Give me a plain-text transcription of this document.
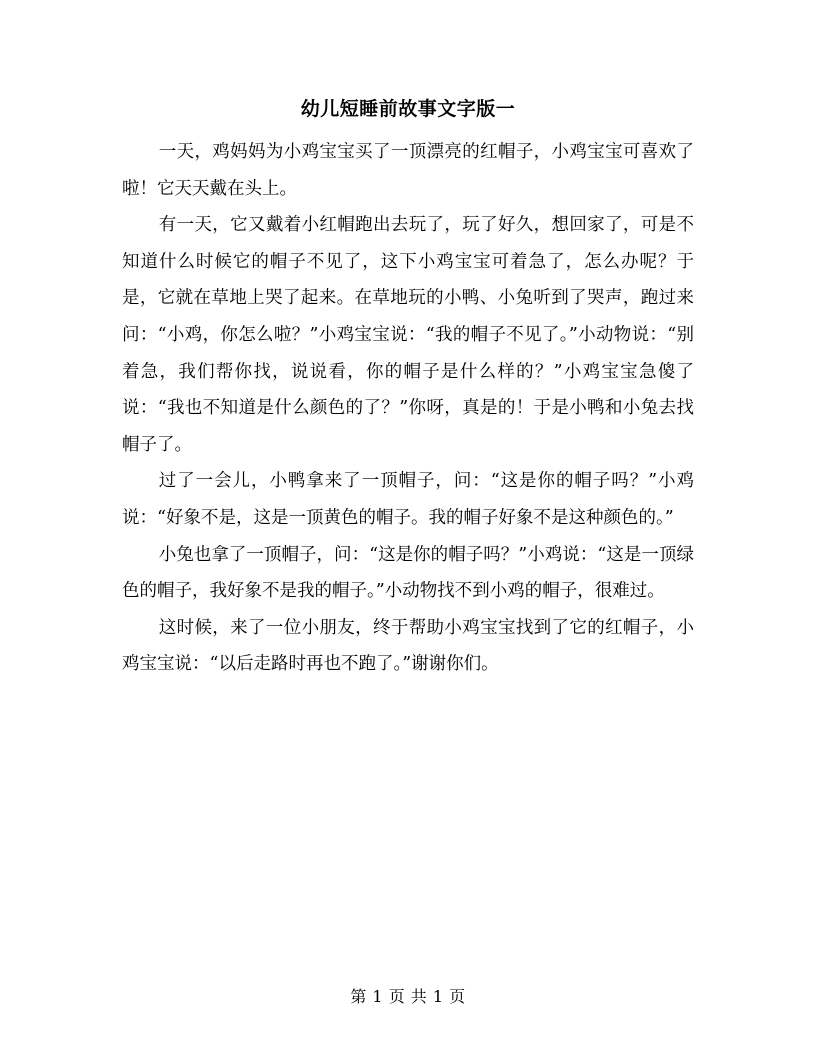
幼儿短睡前故事文字版一

一天，鸡妈妈为小鸡宝宝买了一顶漂亮的红帽子，小鸡宝宝可喜欢了啦！它天天戴在头上。

有一天，它又戴着小红帽跑出去玩了，玩了好久，想回家了，可是不知道什么时候它的帽子不见了，这下小鸡宝宝可着急了，怎么办呢？于是，它就在草地上哭了起来。在草地玩的小鸭、小兔听到了哭声，跑过来问：“小鸡，你怎么啦？”小鸡宝宝说：“我的帽子不见了。”小动物说：“别着急，我们帮你找，说说看，你的帽子是什么样的？”小鸡宝宝急傻了说：“我也不知道是什么颜色的了？”你呀，真是的！于是小鸭和小兔去找帽子了。

过了一会儿，小鸭拿来了一顶帽子，问：“这是你的帽子吗？”小鸡说：“好象不是，这是一顶黄色的帽子。我的帽子好象不是这种颜色的。”

小兔也拿了一顶帽子，问：“这是你的帽子吗？”小鸡说：“这是一顶绿色的帽子，我好象不是我的帽子。”小动物找不到小鸡的帽子，很难过。

这时候，来了一位小朋友，终于帮助小鸡宝宝找到了它的红帽子，小鸡宝宝说：“以后走路时再也不跑了。”谢谢你们。

第 1 页 共 1 页
